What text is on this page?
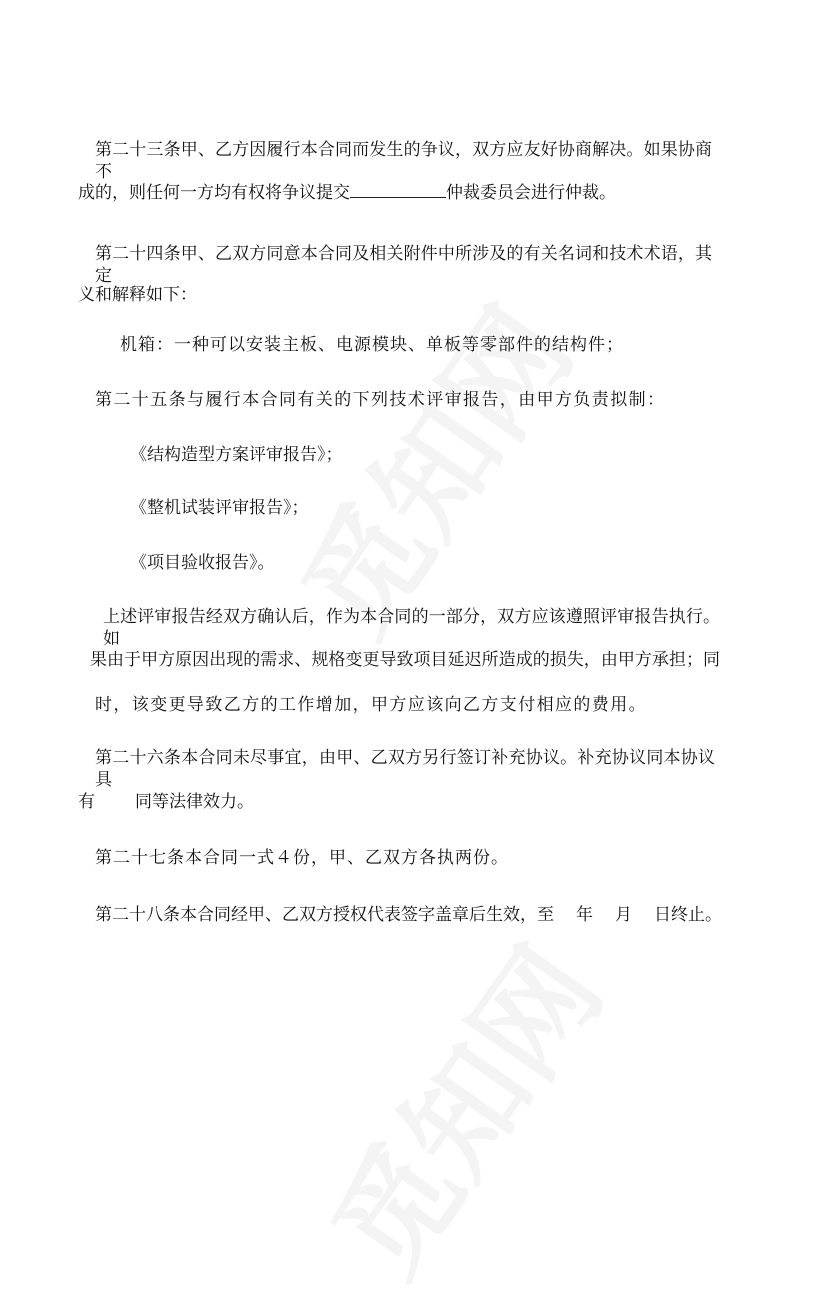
第二十三条甲、乙方因履行本合同而发生的争议，双方应友好协商解决。如果协商不
成的，则任何一方均有权将争议提交	仲裁委员会进行仲裁。
第二十四条甲、乙双方同意本合同及相关附件中所涉及的有关名词和技术术语，其定
义和解释如下：
机箱：一种可以安装主板、电源模块、单板等零部件的结构件；
第二十五条与履行本合同有关的下列技术评审报告，由甲方负责拟制：
《结构造型方案评审报告》；
《整机试装评审报告》；
《项目验收报告》。
上述评审报告经双方确认后，作为本合同的一部分，双方应该遵照评审报告执行。如
果由于甲方原因出现的需求、规格变更导致项目延迟所造成的损失，由甲方承担；同
时，该变更导致乙方的工作增加，甲方应该向乙方支付相应的费用。
第二十六条本合同未尽事宜，由甲、乙双方另行签订补充协议。补充协议同本协议具
有 同等法律效力。
第二十七条本合同一式４份，甲、乙双方各执两份。
第二十八条本合同经甲、乙双方授权代表签字盖章后生效，至 年 月 日终止。
